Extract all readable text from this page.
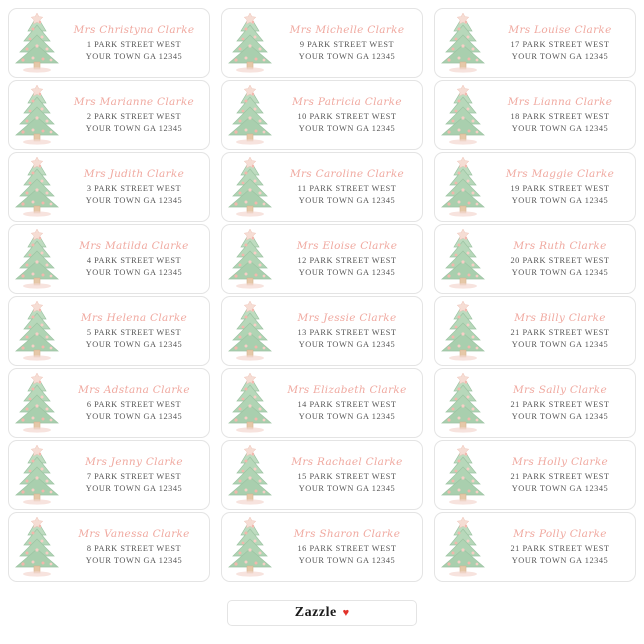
Mrs Christyna Clarke
1 PARK STREET WEST
YOUR TOWN GA 12345
Mrs Michelle Clarke
9 PARK STREET WEST
YOUR TOWN GA 12345
Mrs Louise Clarke
17 PARK STREET WEST
YOUR TOWN GA 12345
Mrs Marianne Clarke
2 PARK STREET WEST
YOUR TOWN GA 12345
Mrs Patricia Clarke
10 PARK STREET WEST
YOUR TOWN GA 12345
Mrs Lianna Clarke
18 PARK STREET WEST
YOUR TOWN GA 12345
Mrs Judith Clarke
3 PARK STREET WEST
YOUR TOWN GA 12345
Mrs Caroline Clarke
11 PARK STREET WEST
YOUR TOWN GA 12345
Mrs Maggie Clarke
19 PARK STREET WEST
YOUR TOWN GA 12345
Mrs Matilda Clarke
4 PARK STREET WEST
YOUR TOWN GA 12345
Mrs Eloise Clarke
12 PARK STREET WEST
YOUR TOWN GA 12345
Mrs Ruth Clarke
20 PARK STREET WEST
YOUR TOWN GA 12345
Mrs Helena Clarke
5 PARK STREET WEST
YOUR TOWN GA 12345
Mrs Jessie Clarke
13 PARK STREET WEST
YOUR TOWN GA 12345
Mrs Billy Clarke
21 PARK STREET WEST
YOUR TOWN GA 12345
Mrs Adstana Clarke
6 PARK STREET WEST
YOUR TOWN GA 12345
Mrs Elizabeth Clarke
14 PARK STREET WEST
YOUR TOWN GA 12345
Mrs Sally Clarke
21 PARK STREET WEST
YOUR TOWN GA 12345
Mrs Jenny Clarke
7 PARK STREET WEST
YOUR TOWN GA 12345
Mrs Rachael Clarke
15 PARK STREET WEST
YOUR TOWN GA 12345
Mrs Holly Clarke
21 PARK STREET WEST
YOUR TOWN GA 12345
Mrs Vanessa Clarke
8 PARK STREET WEST
YOUR TOWN GA 12345
Mrs Sharon Clarke
16 PARK STREET WEST
YOUR TOWN GA 12345
Mrs Polly Clarke
21 PARK STREET WEST
YOUR TOWN GA 12345
Zazzle ♥
